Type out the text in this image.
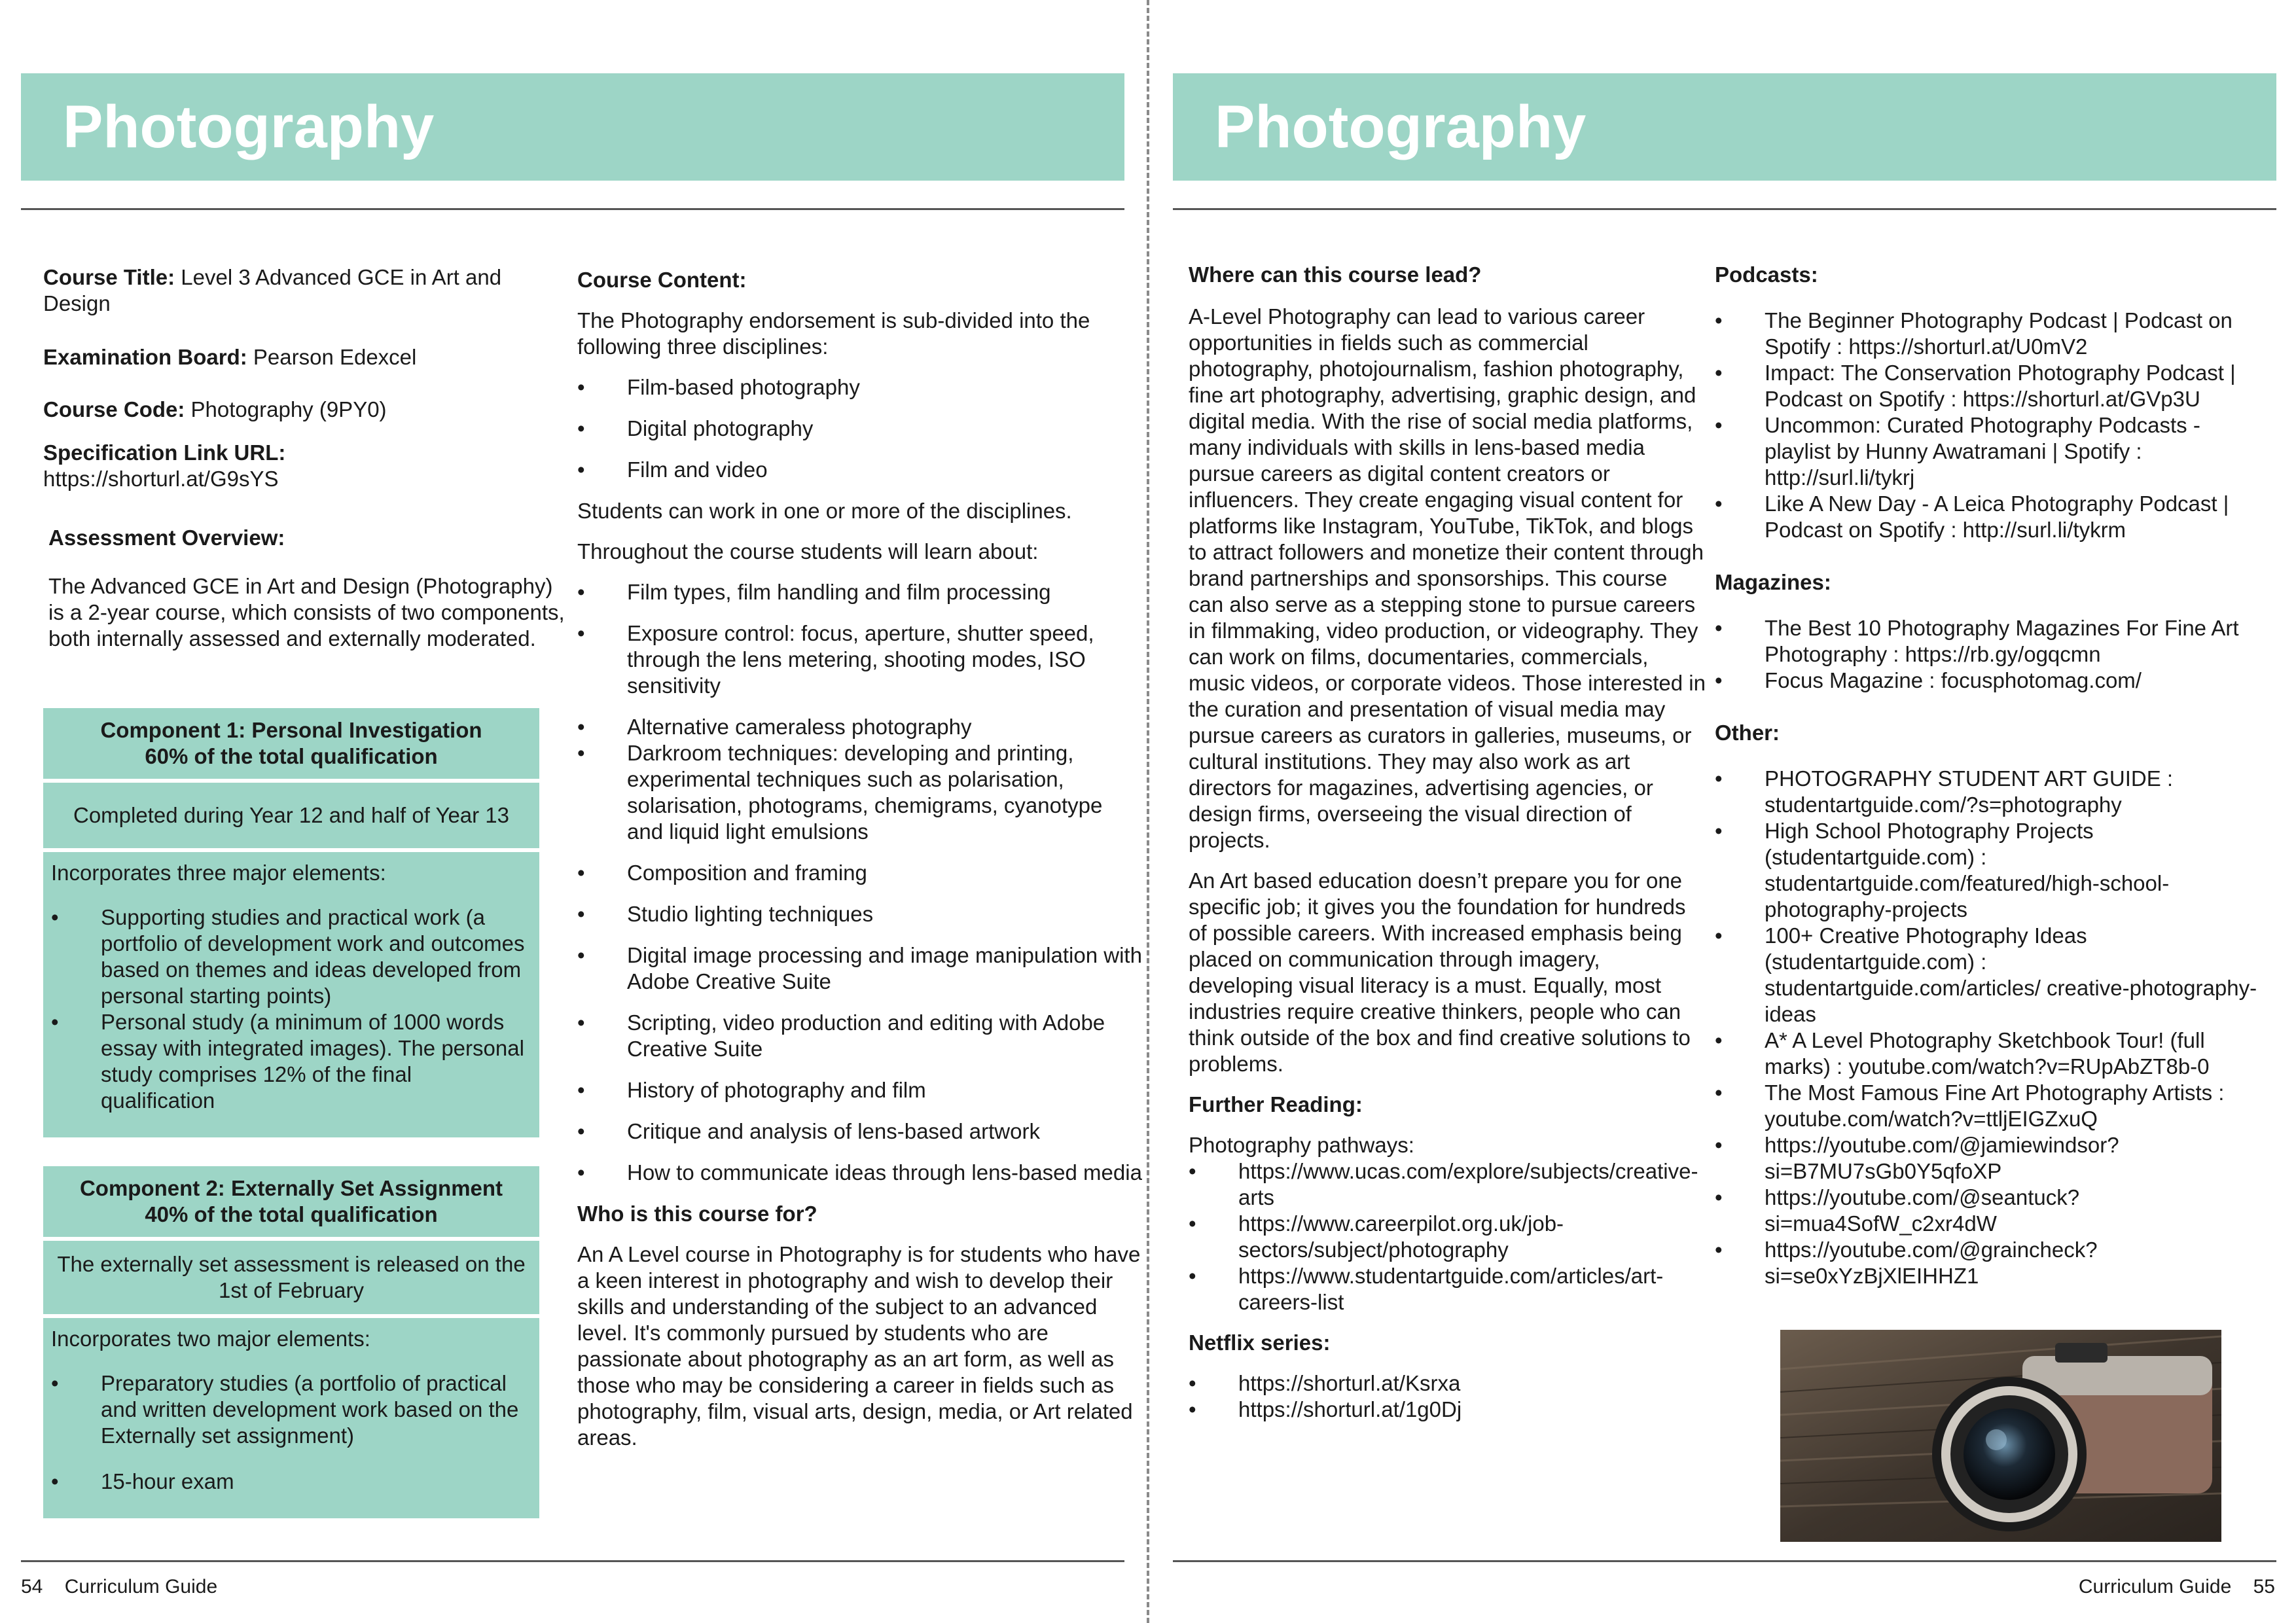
Photography

Course Title: Level 3 Advanced GCE in Art and Design

Examination Board: Pearson Edexcel

Course Code: Photography (9PY0)

Specification Link URL:
https://shorturl.at/G9sYS

Assessment Overview:

The Advanced GCE in Art and Design (Photography) is a 2-year course, which consists of two components, both internally assessed and externally moderated.

Component 1: Personal Investigation
60% of the total qualification
Completed during Year 12 and half of Year 13

Incorporates three major elements:

• Supporting studies and practical work (a portfolio of development work and outcomes based on themes and ideas developed from personal starting points)
• Personal study (a minimum of 1000 words essay with integrated images). The personal study comprises 12% of the final qualification
Component 2: Externally Set Assignment
40% of the total qualification
The externally set assessment is released on the 1st of February

Incorporates two major elements:

• Preparatory studies (a portfolio of practical and written development work based on the Externally set assignment)
• 15-hour exam

Course Content:

The Photography endorsement is sub-divided into the following three disciplines:

• Film-based photography
• Digital photography
• Film and video

Students can work in one or more of the disciplines.

Throughout the course students will learn about:

• Film types, film handling and film processing
• Exposure control: focus, aperture, shutter speed, through the lens metering, shooting modes, ISO sensitivity
• Alternative cameraless photography
• Darkroom techniques: developing and printing, experimental techniques such as polarisation, solarisation, photograms, chemigrams, cyanotype and liquid light emulsions
• Composition and framing
• Studio lighting techniques
• Digital image processing and image manipulation with Adobe Creative Suite
• Scripting, video production and editing with Adobe Creative Suite
• History of photography and film
• Critique and analysis of lens-based artwork
• How to communicate ideas through lens-based media

Who is this course for?

An A Level course in Photography is for students who have a keen interest in photography and wish to develop their skills and understanding of the subject to an advanced level. It's commonly pursued by students who are passionate about photography as an art form, as well as those who may be considering a career in fields such as photography, film, visual arts, design, media, or Art related areas.

54 Curriculum Guide
Photography

Where can this course lead?

A-Level Photography can lead to various career opportunities in fields such as commercial photography, photojournalism, fashion photography, fine art photography, advertising, graphic design, and digital media. With the rise of social media platforms, many individuals with skills in lens-based media pursue careers as digital content creators or influencers. They create engaging visual content for platforms like Instagram, YouTube, TikTok, and blogs to attract followers and monetize their content through brand partnerships and sponsorships. This course can also serve as a stepping stone to pursue careers in filmmaking, video production, or videography. They can work on films, documentaries, commercials, music videos, or corporate videos. Those interested in the curation and presentation of visual media may pursue careers as curators in galleries, museums, or cultural institutions. They may also work as art directors for magazines, advertising agencies, or design firms, overseeing the visual direction of projects.

An Art based education doesn’t prepare you for one specific job; it gives you the foundation for hundreds of possible careers. With increased emphasis being placed on communication through imagery, developing visual literacy is a must. Equally, most industries require creative thinkers, people who can think outside of the box and find creative solutions to problems.

Further Reading:

Photography pathways:
• https://www.ucas.com/explore/subjects/creative-arts
• https://www.careerpilot.org.uk/job-sectors/subject/photography
• https://www.studentartguide.com/articles/art-careers-list

Netflix series:

• https://shorturl.at/Ksrxa
• https://shorturl.at/1g0Dj

Podcasts:

• The Beginner Photography Podcast | Podcast on Spotify : https://shorturl.at/U0mV2
• Impact: The Conservation Photography Podcast | Podcast on Spotify : https://shorturl.at/GVp3U
• Uncommon: Curated Photography Podcasts - playlist by Hunny Awatramani | Spotify : http://surl.li/tykrj
• Like A New Day - A Leica Photography Podcast | Podcast on Spotify : http://surl.li/tykrm

Magazines:

• The Best 10 Photography Magazines For Fine Art Photography : https://rb.gy/ogqcmn
• Focus Magazine : focusphotomag.com/

Other:

• PHOTOGRAPHY STUDENT ART GUIDE : studentartguide.com/?s=photography
• High School Photography Projects (studentartguide.com) : studentartguide.com/featured/high-school-photography-projects
• 100+ Creative Photography Ideas (studentartguide.com) : studentartguide.com/articles/ creative-photography-ideas
• A* A Level Photography Sketchbook Tour! (full marks) : youtube.com/watch?v=RUpAbZT8b-0
• The Most Famous Fine Art Photography Artists : youtube.com/watch?v=ttljEIGZxuQ
• https://youtube.com/@jamiewindsor?si=B7MU7sGb0Y5qfoXP
• https://youtube.com/@seantuck?si=mua4SofW_c2xr4dW
• https://youtube.com/@graincheck?si=se0xYzBjXlEIHHZ1
Curriculum Guide 55
